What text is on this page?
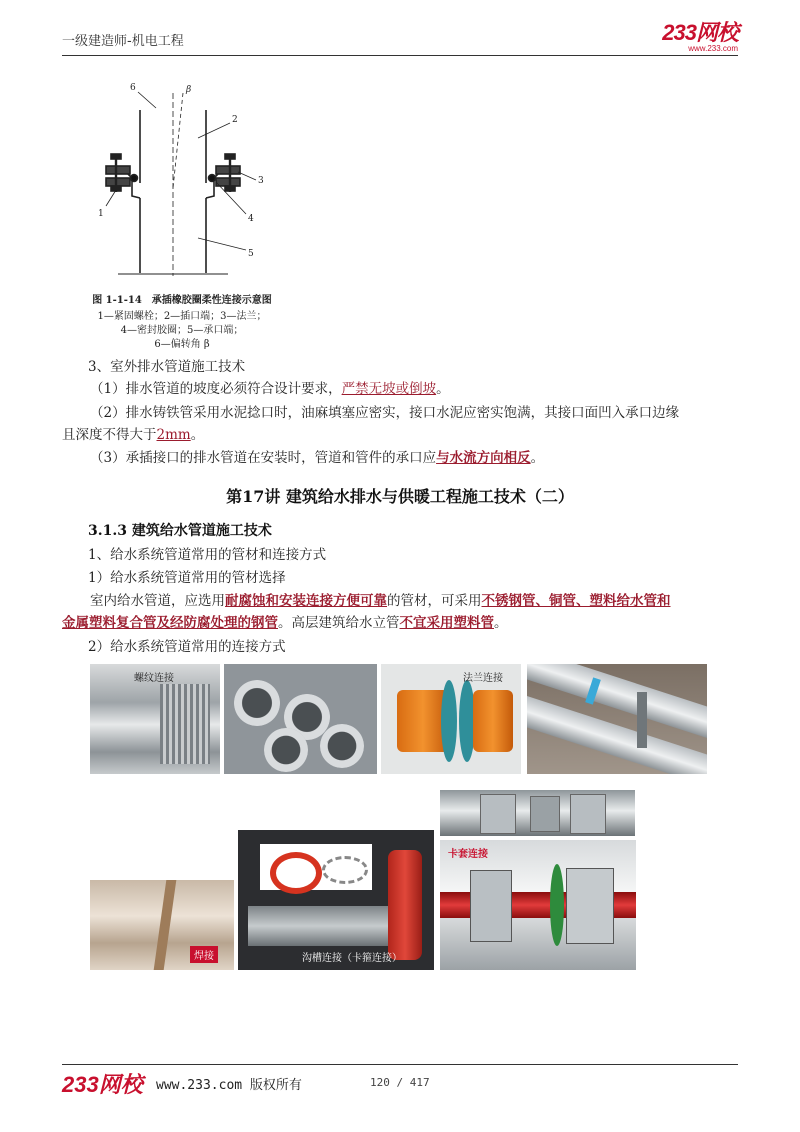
一级建造师-机电工程	233网校
www.233.com
6	β
2
1
3
4
5
图 1-1-14　承插橡胶圈柔性连接示意图
1—紧固螺栓；2—插口端；3—法兰；
4—密封胶圈；5—承口端；
6—偏转角 β
3、室外排水管道施工技术
（1）排水管道的坡度必须符合设计要求，严禁无坡或倒坡。
（2）排水铸铁管采用水泥捻口时，油麻填塞应密实，接口水泥应密实饱满，其接口面凹入承口边缘
且深度不得大于2mm。
（3）承插接口的排水管道在安装时，管道和管件的承口应与水流方向相反。
第17讲 建筑给水排水与供暖工程施工技术（二）
3.1.3 建筑给水管道施工技术
1、给水系统管道常用的管材和连接方式
1）给水系统管道常用的管材选择
室内给水管道，应选用耐腐蚀和安装连接方便可靠的管材，可采用不锈钢管、铜管、塑料给水管和
金属塑料复合管及经防腐处理的钢管。高层建筑给水立管不宜采用塑料管。
2）给水系统管道常用的连接方式
螺纹连接	法兰连接
焊接	沟槽连接（卡箍连接）
卡套连接
233网校 www.233.com 版权所有	120 / 417
